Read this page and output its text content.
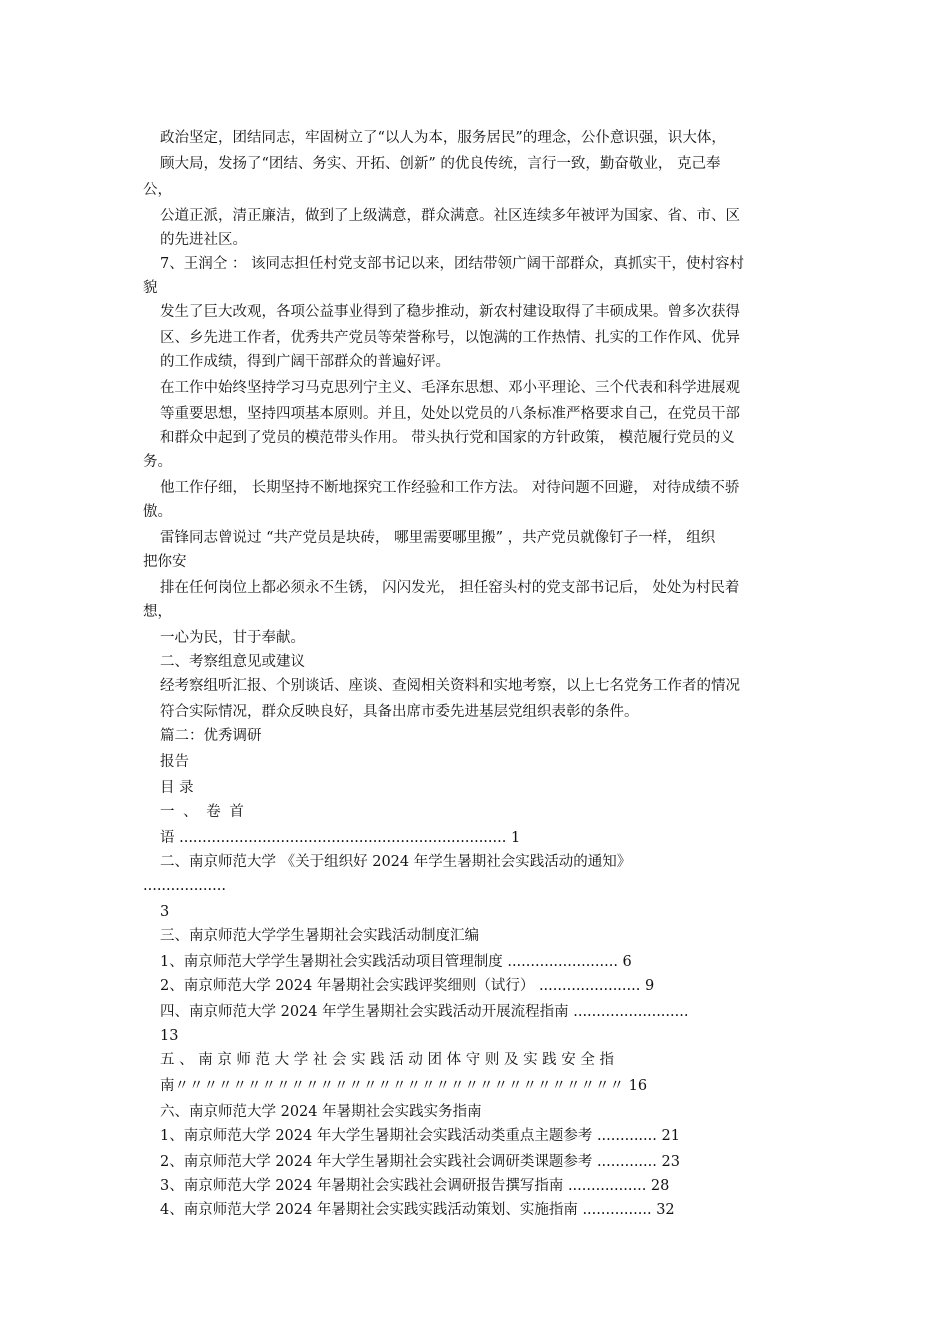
政治坚定，团结同志，牢固树立了“以人为本，服务居民”的理念，公仆意识强，识大体，
顾大局，发扬了“团结、务实、开拓、创新” 的优良传统，言行一致，勤奋敬业， 克己奉
公，
公道正派，清正廉洁，做到了上级满意，群众满意。社区连续多年被评为国家、省、市、区
的先进社区。
7、王润仝 ： 该同志担任村党支部书记以来，团结带领广阔干部群众，真抓实干，使村容村
貌
发生了巨大改观，各项公益事业得到了稳步推动，新农村建设取得了丰硕成果。曾多次获得
区、乡先进工作者，优秀共产党员等荣誉称号，以饱满的工作热情、扎实的工作作风、优异
的工作成绩，得到广阔干部群众的普遍好评。
在工作中始终坚持学习马克思列宁主义、毛泽东思想、邓小平理论、三个代表和科学进展观
等重要思想，坚持四项基本原则。并且，处处以党员的八条标准严格要求自己，在党员干部
和群众中起到了党员的模范带头作用。 带头执行党和国家的方针政策， 模范履行党员的义
务。
他工作仔细， 长期坚持不断地探究工作经验和工作方法。 对待问题不回避， 对待成绩不骄
傲。
雷锋同志曾说过 “共产党员是块砖， 哪里需要哪里搬” ，共产党员就像钉子一样， 组织
把你安
排在任何岗位上都必须永不生锈， 闪闪发光， 担任窑头村的党支部书记后， 处处为村民着
想，
一心为民，甘于奉献。
二、考察组意见或建议
经考察组听汇报、个别谈话、座谈、查阅相关资料和实地考察，以上七名党务工作者的情况
符合实际情况，群众反映良好，具备出席市委先进基层党组织表彰的条件。
篇二：优秀调研
报告
目 录
一 、 卷 首
语 ....................................................................... 1
二、南京师范大学 《关于组织好 2024 年学生暑期社会实践活动的通知》
..................
3
三、南京师范大学学生暑期社会实践活动制度汇编
1、南京师范大学学生暑期社会实践活动项目管理制度 ........................ 6
2、南京师范大学 2024 年暑期社会实践评奖细则（试行） ...................... 9
四、南京师范大学 2024 年学生暑期社会实践活动开展流程指南 .........................
13
五 、 南 京 师 范 大 学 社 会 实 践 活 动 团 体 守 则 及 实 践 安 全 指
南〃〃〃〃〃〃〃〃〃〃〃〃〃〃〃〃〃〃〃〃〃〃〃〃〃〃〃〃〃〃〃 16
六、南京师范大学 2024 年暑期社会实践实务指南
1、南京师范大学 2024 年大学生暑期社会实践活动类重点主题参考 ............. 21
2、南京师范大学 2024 年大学生暑期社会实践社会调研类课题参考 ............. 23
3、南京师范大学 2024 年暑期社会实践社会调研报告撰写指南 ................. 28
4、南京师范大学 2024 年暑期社会实践实践活动策划、实施指南 ............... 32
